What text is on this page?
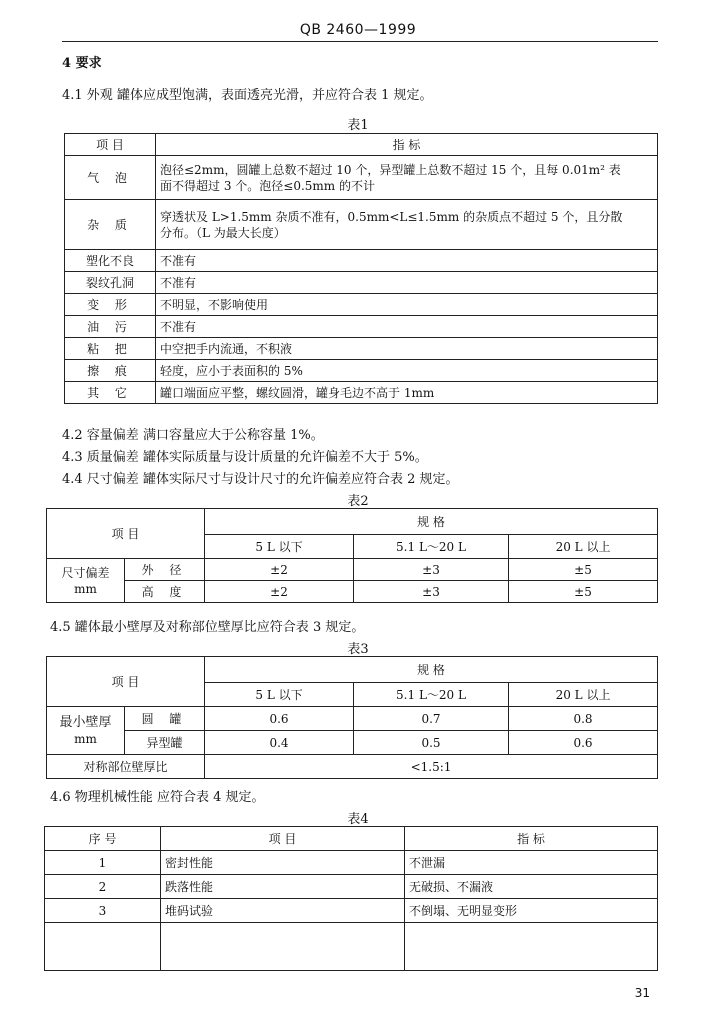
QB 2460—1999
4 要求
4.1 外观 罐体应成型饱满，表面透亮光滑，并应符合表 1 规定。
表1
项 目	指 标
气 泡	泡径≤2mm，圆罐上总数不超过 10 个，异型罐上总数不超过 15 个，且每 0.01m² 表
面不得超过 3 个。泡径≤0.5mm 的不计

杂 质	穿透状及 L>1.5mm 杂质不准有，0.5mm<L≤1.5mm 的杂质点不超过 5 个，且分散
分布。（L 为最大长度）

塑化不良	不准有
裂纹孔洞	不准有
变 形	不明显，不影响使用
油 污	不准有
粘 把	中空把手内流通，不积液
擦 痕	轻度，应小于表面积的 5%
其 它	罐口端面应平整，螺纹圆滑，罐身毛边不高于 1mm
4.2 容量偏差 满口容量应大于公称容量 1%。
4.3 质量偏差 罐体实际质量与设计质量的允许偏差不大于 5%。
4.4 尺寸偏差 罐体实际尺寸与设计尺寸的允许偏差应符合表 2 规定。
表2
项 目		规 格		
		5 L 以下	5.1 L～20 L	20 L 以上

尺寸偏差
mm	外 径	±2	±3	±5
	高 度	±2	±3	±5
4.5 罐体最小壁厚及对称部位壁厚比应符合表 3 规定。
表3
项 目		规 格		
		5 L 以下	5.1 L～20 L	20 L 以上

最小壁厚
mm	圆 罐	0.6	0.7	0.8
	异型罐	0.4	0.5	0.6
对称部位壁厚比		<1.5:1		
4.6 物理机械性能 应符合表 4 规定。
表4
序 号	项 目	指 标
1	密封性能	不泄漏
2	跌落性能	无破损、不漏液
3	堆码试验	不倒塌、无明显变形

31
